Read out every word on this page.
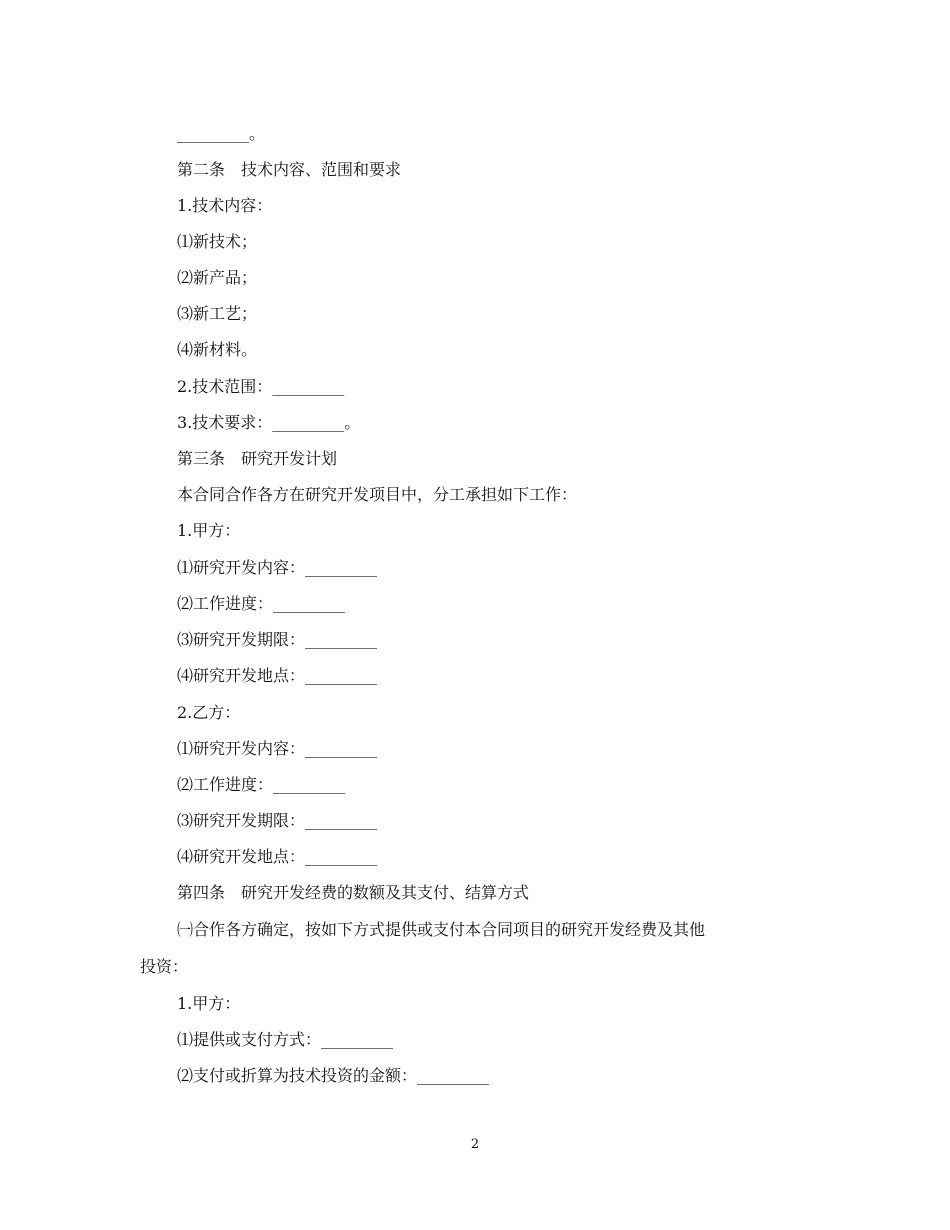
_________。
第二条　技术内容、范围和要求
1.技术内容：
⑴新技术；
⑵新产品；
⑶新工艺；
⑷新材料。
2.技术范围：_________
3.技术要求：_________。
第三条　研究开发计划
本合同合作各方在研究开发项目中，分工承担如下工作：
1.甲方：
⑴研究开发内容：_________
⑵工作进度：_________
⑶研究开发期限：_________
⑷研究开发地点：_________
2.乙方：
⑴研究开发内容：_________
⑵工作进度：_________
⑶研究开发期限：_________
⑷研究开发地点：_________
第四条　研究开发经费的数额及其支付、结算方式
㈠合作各方确定，按如下方式提供或支付本合同项目的研究开发经费及其他
投资：
1.甲方：
⑴提供或支付方式：_________
⑵支付或折算为技术投资的金额：_________
2
